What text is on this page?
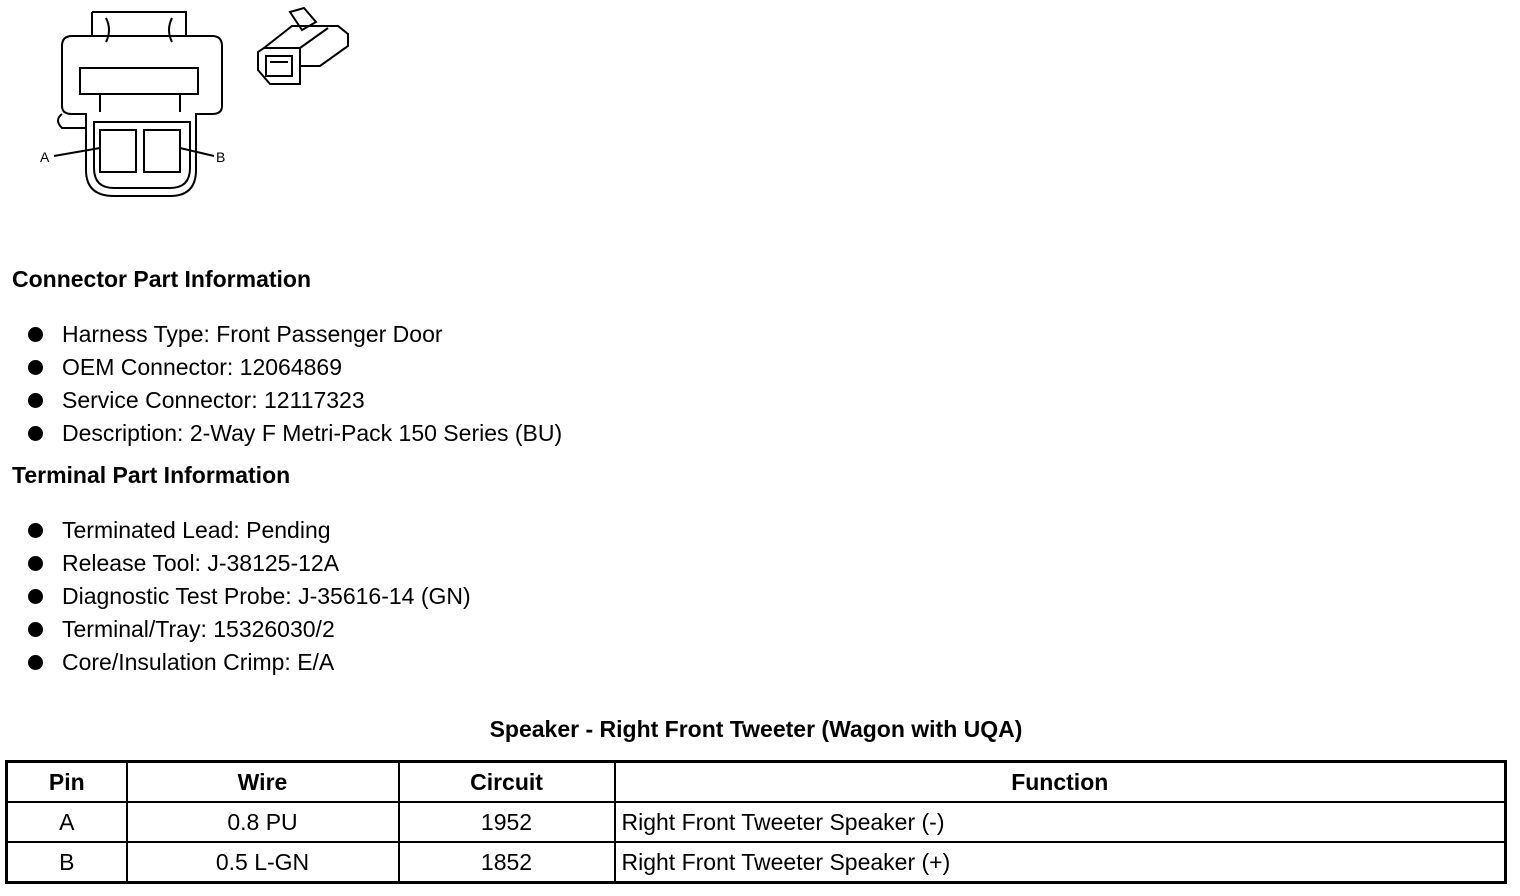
A	B
Connector Part Information
Harness Type: Front Passenger Door
OEM Connector: 12064869
Service Connector: 12117323
Description: 2-Way F Metri-Pack 150 Series (BU)
Terminal Part Information
Terminated Lead: Pending
Release Tool: J-38125-12A
Diagnostic Test Probe: J-35616-14 (GN)
Terminal/Tray: 15326030/2
Core/Insulation Crimp: E/A
Speaker - Right Front Tweeter (Wagon with UQA)
Pin	Wire	Circuit	Function
A	0.8 PU	1952	Right Front Tweeter Speaker (-)
B	0.5 L-GN	1852	Right Front Tweeter Speaker (+)
